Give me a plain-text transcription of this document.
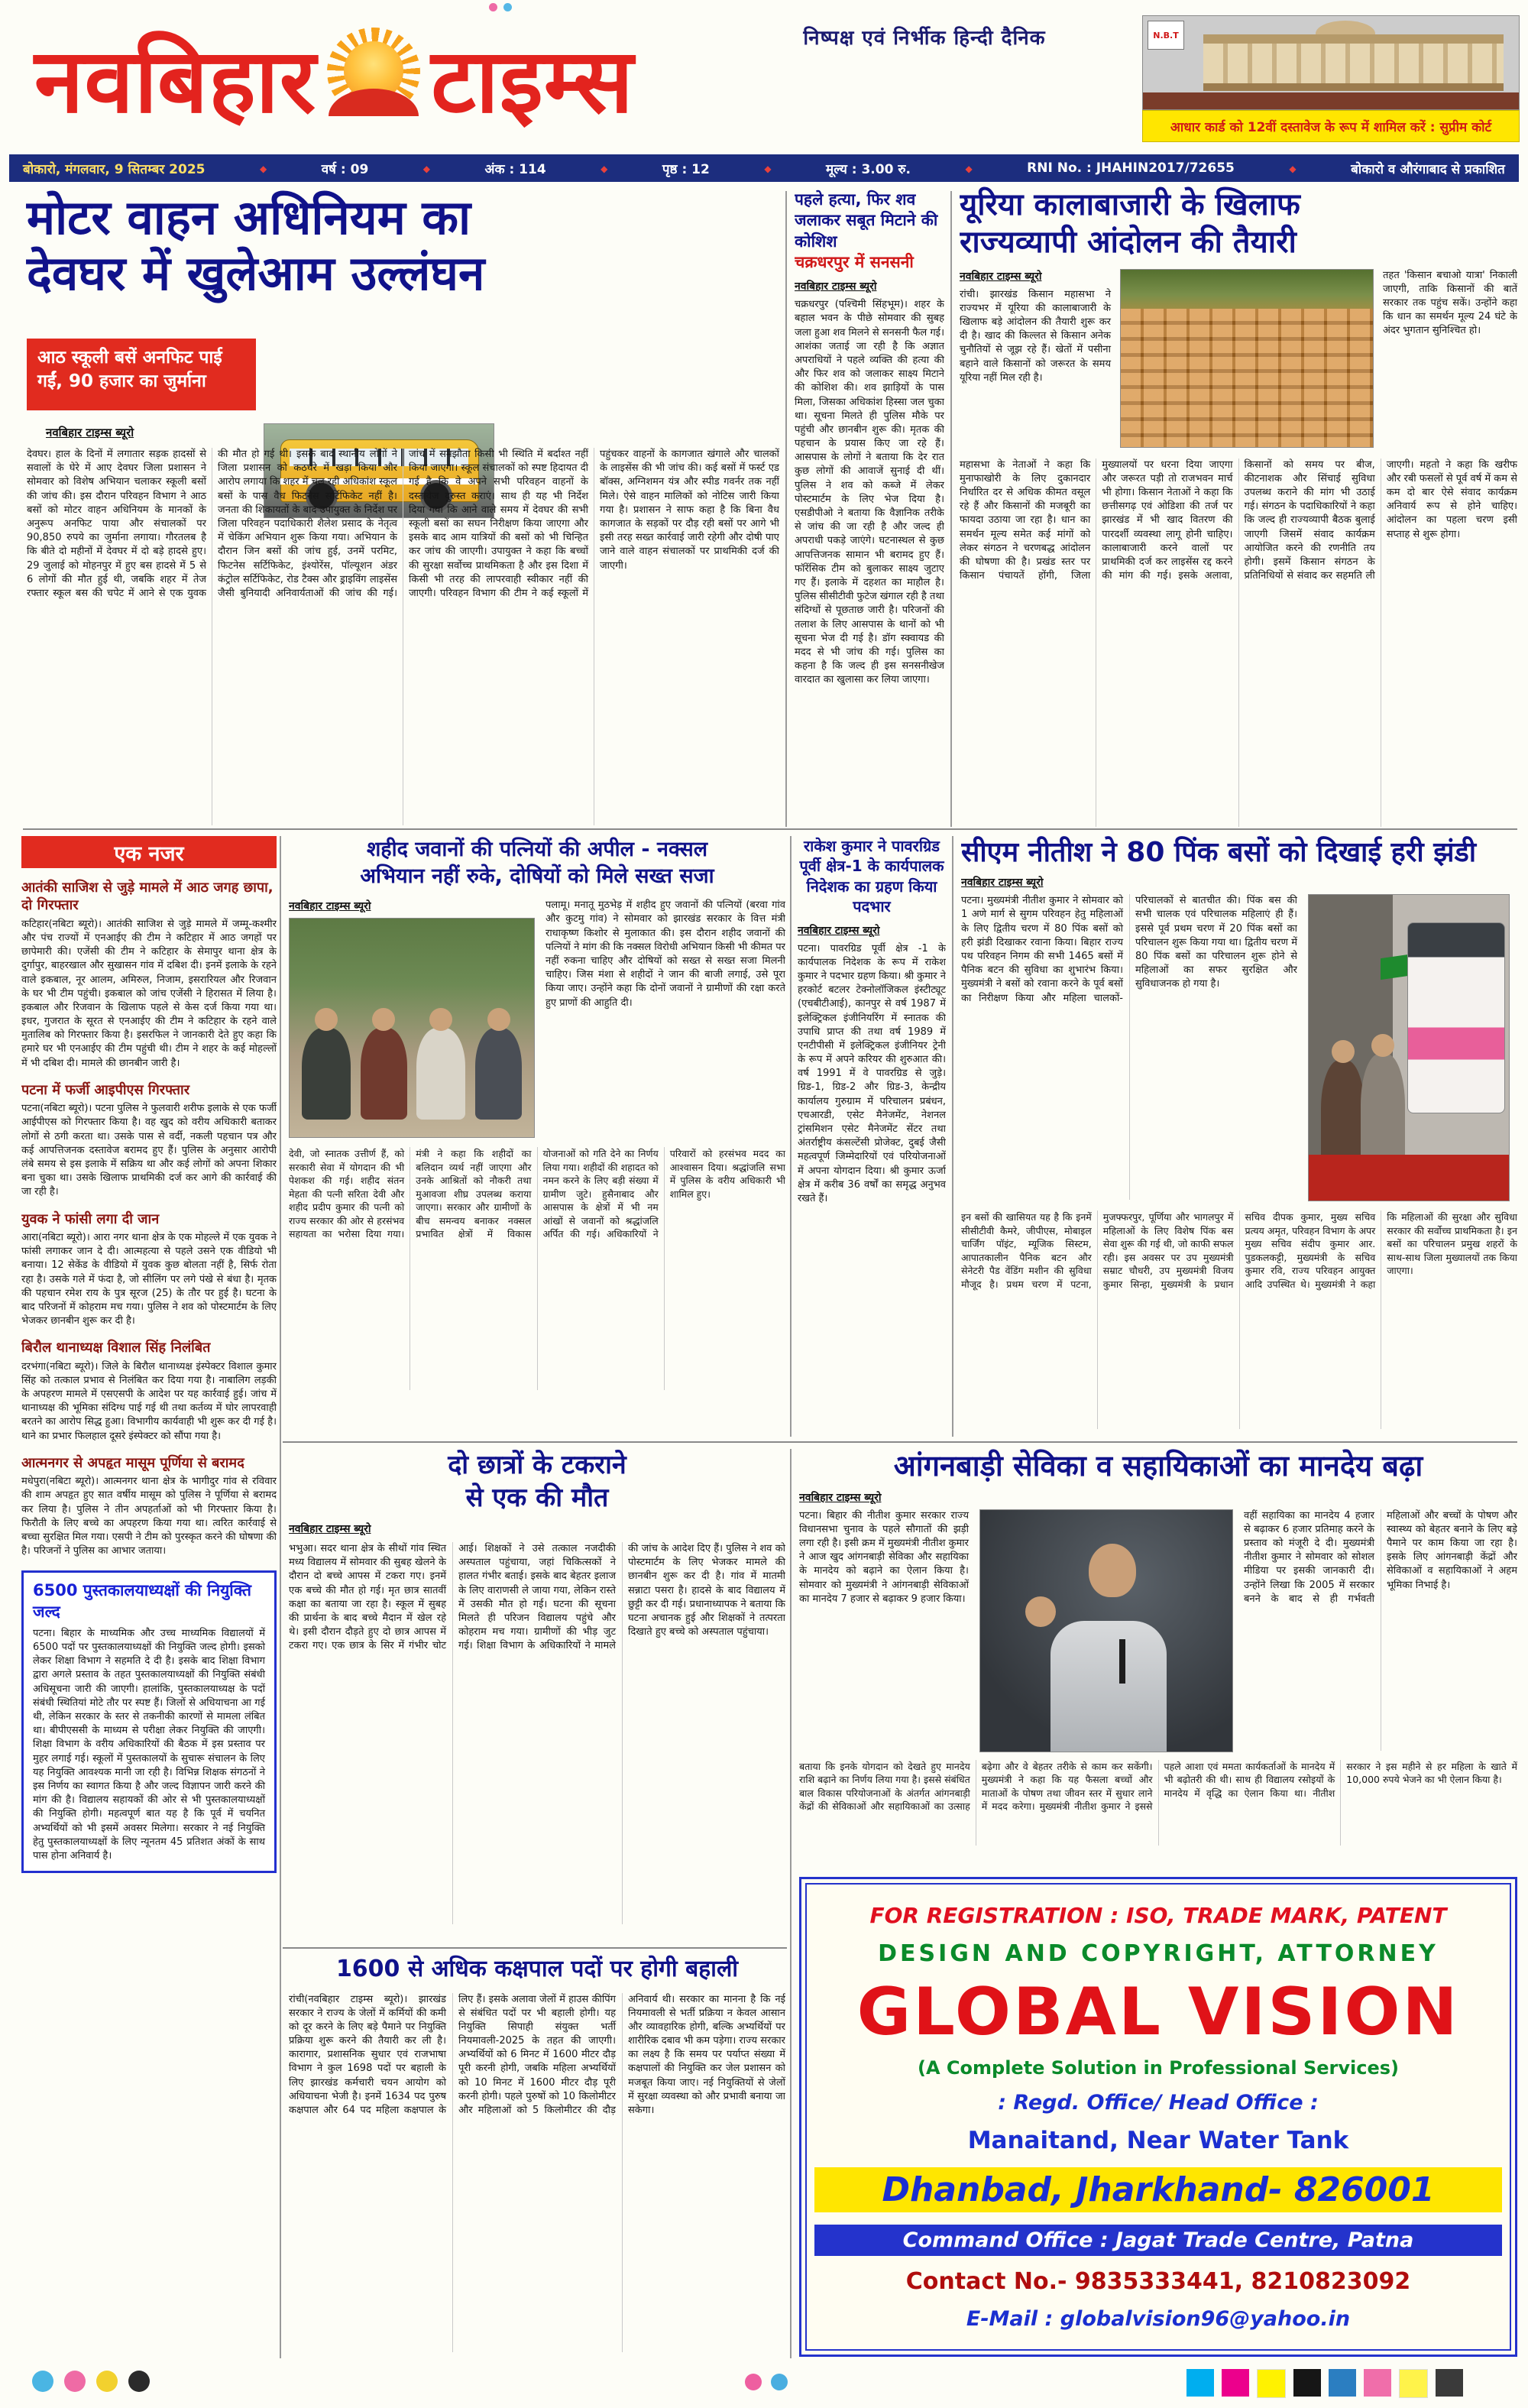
निष्पक्ष एवं निर्भीक हिन्दी दैनिक
नवबिहार टाइम्स	N.B.T
आधार कार्ड को 12वीं दस्तावेज के रूप में शामिल करें : सुप्रीम कोर्ट
बोकारो, मंगलवार, 9 सितम्बर 2025 ◆	वर्ष : 09 ◆	अंक : 114 ◆	पृष्ठ : 12 ◆	मूल्य : 3.00 रु. ◆	RNI No. : JHAHIN2017/72655 ◆	बोकारो व औरंगाबाद से प्रकाशित
मोटर वाहन अधिनियम का
देवघर में खुलेआम उल्लंघन
आठ स्कूली बसें अनफिट पाई गईं, 90 हजार का जुर्माना
नवबिहार टाइम्स ब्यूरो
देवघर। हाल के दिनों में लगातार सड़क हादसों से सवालों के घेरे में आए देवघर जिला प्रशासन ने सोमवार को विशेष अभियान चलाकर स्कूली बसों की जांच की। इस दौरान परिवहन विभाग ने आठ बसों को मोटर वाहन अधिनियम के मानकों के अनुरूप अनफिट पाया और संचालकों पर 90,850 रुपये का जुर्माना लगाया। गौरतलब है कि बीते दो महीनों में देवघर में दो बड़े हादसे हुए। 29 जुलाई को मोहनपुर में हुए बस हादसे में 5 से 6 लोगों की मौत हुई थी, जबकि शहर में तेज रफ्तार स्कूल बस की चपेट में आने से एक युवक की मौत हो गई थी। इसके बाद स्थानीय लोगों ने जिला प्रशासन को कठघरे में खड़ा किया और आरोप लगाया कि शहर में चल रही अधिकांश स्कूल बसों के पास वैध फिटनेस सर्टिफिकेट नहीं है। जनता की शिकायतों के बाद उपायुक्त के निर्देश पर जिला परिवहन पदाधिकारी शैलेश प्रसाद के नेतृत्व में चेकिंग अभियान शुरू किया गया। अभियान के दौरान जिन बसों की जांच हुई, उनमें परमिट, फिटनेस सर्टिफिकेट, इंश्योरेंस, पॉल्यूशन अंडर कंट्रोल सर्टिफिकेट, रोड टैक्स और ड्राइविंग लाइसेंस जैसी बुनियादी अनिवार्यताओं की जांच की गई। जांच में समझौता किसी भी स्थिति में बर्दाश्त नहीं किया जाएगा। स्कूल संचालकों को स्पष्ट हिदायत दी गई है कि वे अपने सभी परिवहन वाहनों के दस्तावेज दुरुस्त कराएं। साथ ही यह भी निर्देश दिया गया कि आने वाले समय में देवघर की सभी स्कूली बसों का सघन निरीक्षण किया जाएगा और इसके बाद आम यात्रियों की बसों को भी चिन्हित कर जांच की जाएगी। उपायुक्त ने कहा कि बच्चों की सुरक्षा सर्वोच्च प्राथमिकता है और इस दिशा में किसी भी तरह की लापरवाही स्वीकार नहीं की जाएगी। परिवहन विभाग की टीम ने कई स्कूलों में पहुंचकर वाहनों के कागजात खंगाले और चालकों के लाइसेंस की भी जांच की। कई बसों में फर्स्ट एड बॉक्स, अग्निशमन यंत्र और स्पीड गवर्नर तक नहीं मिले। ऐसे वाहन मालिकों को नोटिस जारी किया गया है। प्रशासन ने साफ कहा है कि बिना वैध कागजात के सड़कों पर दौड़ रही बसों पर आगे भी इसी तरह सख्त कार्रवाई जारी रहेगी और दोषी पाए जाने वाले वाहन संचालकों पर प्राथमिकी दर्ज की जाएगी।
पहले हत्या, फिर शव जलाकर सबूत मिटाने की कोशिश
चक्रधरपुर में सनसनी
नवबिहार टाइम्स ब्यूरो
चक्रधरपुर (पश्चिमी सिंहभूम)। शहर के बहाल भवन के पीछे सोमवार की सुबह जला हुआ शव मिलने से सनसनी फैल गई। आशंका जताई जा रही है कि अज्ञात अपराधियों ने पहले व्यक्ति की हत्या की और फिर शव को जलाकर साक्ष्य मिटाने की कोशिश की। शव झाड़ियों के पास मिला, जिसका अधिकांश हिस्सा जल चुका था। सूचना मिलते ही पुलिस मौके पर पहुंची और छानबीन शुरू की। मृतक की पहचान के प्रयास किए जा रहे हैं। आसपास के लोगों ने बताया कि देर रात कुछ लोगों की आवाजें सुनाई दी थीं। पुलिस ने शव को कब्जे में लेकर पोस्टमार्टम के लिए भेज दिया है। एसडीपीओ ने बताया कि वैज्ञानिक तरीके से जांच की जा रही है और जल्द ही अपराधी पकड़े जाएंगे। घटनास्थल से कुछ आपत्तिजनक सामान भी बरामद हुए हैं। फॉरेंसिक टीम को बुलाकर साक्ष्य जुटाए गए हैं। इलाके में दहशत का माहौल है। पुलिस सीसीटीवी फुटेज खंगाल रही है तथा संदिग्धों से पूछताछ जारी है। परिजनों की तलाश के लिए आसपास के थानों को भी सूचना भेज दी गई है। डॉग स्क्वायड की मदद से भी जांच की गई। पुलिस का कहना है कि जल्द ही इस सनसनीखेज वारदात का खुलासा कर लिया जाएगा।
यूरिया कालाबाजारी के खिलाफ
राज्यव्यापी आंदोलन की तैयारी
नवबिहार टाइम्स ब्यूरो
रांची। झारखंड किसान महासभा ने राज्यभर में यूरिया की कालाबाजारी के खिलाफ बड़े आंदोलन की तैयारी शुरू कर दी है। खाद की किल्लत से किसान अनेक चुनौतियों से जूझ रहे हैं। खेतों में पसीना बहाने वाले किसानों को जरूरत के समय यूरिया नहीं मिल रही है।
तहत 'किसान बचाओ यात्रा' निकाली जाएगी, ताकि किसानों की बातें सरकार तक पहुंच सकें। उन्होंने कहा कि धान का समर्थन मूल्य 24 घंटे के अंदर भुगतान सुनिश्चित हो।
महासभा के नेताओं ने कहा कि मुनाफाखोरी के लिए दुकानदार निर्धारित दर से अधिक कीमत वसूल रहे हैं और किसानों की मजबूरी का फायदा उठाया जा रहा है। धान का समर्थन मूल्य समेत कई मांगों को लेकर संगठन ने चरणबद्ध आंदोलन की घोषणा की है। प्रखंड स्तर पर किसान पंचायतें होंगी, जिला मुख्यालयों पर धरना दिया जाएगा और जरूरत पड़ी तो राजभवन मार्च भी होगा। किसान नेताओं ने कहा कि छत्तीसगढ़ एवं ओडिशा की तर्ज पर झारखंड में भी खाद वितरण की पारदर्शी व्यवस्था लागू होनी चाहिए। कालाबाजारी करने वालों पर प्राथमिकी दर्ज कर लाइसेंस रद्द करने की मांग की गई। इसके अलावा, किसानों को समय पर बीज, कीटनाशक और सिंचाई सुविधा उपलब्ध कराने की मांग भी उठाई गई। संगठन के पदाधिकारियों ने कहा कि जल्द ही राज्यव्यापी बैठक बुलाई जाएगी जिसमें संवाद कार्यक्रम आयोजित करने की रणनीति तय होगी। इसमें किसान संगठन के प्रतिनिधियों से संवाद कर सहमति ली जाएगी। महतो ने कहा कि खरीफ और रबी फसलों से पूर्व वर्ष में कम से कम दो बार ऐसे संवाद कार्यक्रम अनिवार्य रूप से होने चाहिए। आंदोलन का पहला चरण इसी सप्ताह से शुरू होगा।
एक नजर
आतंकी साजिश से जुड़े मामले में आठ जगह छापा, दो गिरफ्तार
कटिहार(नबिटा ब्यूरो)। आतंकी साजिश से जुड़े मामले में जम्मू-कश्मीर और पंच राज्यों में एनआईए की टीम ने कटिहार में आठ जगहों पर छापेमारी की। एजेंसी की टीम ने कटिहार के सेमापुर थाना क्षेत्र के दुर्गापुर, बाहरखाल और सुखासन गांव में दबिश दी। इनमें इलाके के रहने वाले इकबाल, नूर आलम, अमिरुल, निजाम, इसरारियल और रिजवान के घर भी टीम पहुंची। इकबाल को जांच एजेंसी ने हिरासत में लिया है। इकबाल और रिजवान के खिलाफ पहले से केस दर्ज किया गया था। इधर, गुजरात के सूरत से एनआईए की टीम ने कटिहार के रहने वाले मुतालिब को गिरफ्तार किया है। इसरफिल ने जानकारी देते हुए कहा कि हमारे घर भी एनआईए की टीम पहुंची थी। टीम ने शहर के कई मोहल्लों में भी दबिश दी। मामले की छानबीन जारी है।
पटना में फर्जी आइपीएस गिरफ्तार
पटना(नबिटा ब्यूरो)। पटना पुलिस ने फुलवारी शरीफ इलाके से एक फर्जी आईपीएस को गिरफ्तार किया है। वह खुद को वरीय अधिकारी बताकर लोगों से ठगी करता था। उसके पास से वर्दी, नकली पहचान पत्र और कई आपत्तिजनक दस्तावेज बरामद हुए हैं। पुलिस के अनुसार आरोपी लंबे समय से इस इलाके में सक्रिय था और कई लोगों को अपना शिकार बना चुका था। उसके खिलाफ प्राथमिकी दर्ज कर आगे की कार्रवाई की जा रही है।
युवक ने फांसी लगा दी जान
आरा(नबिटा ब्यूरो)। आरा नगर थाना क्षेत्र के एक मोहल्ले में एक युवक ने फांसी लगाकर जान दे दी। आत्महत्या से पहले उसने एक वीडियो भी बनाया। 12 सेकेंड के वीडियो में युवक कुछ बोलता नहीं है, सिर्फ रोता रहा है। उसके गले में फंदा है, जो सीलिंग पर लगे पंखे से बंधा है। मृतक की पहचान रमेश राय के पुत्र सूरज (25) के तौर पर हुई है। घटना के बाद परिजनों में कोहराम मच गया। पुलिस ने शव को पोस्टमार्टम के लिए भेजकर छानबीन शुरू कर दी है।
बिरौल थानाध्यक्ष विशाल सिंह निलंबित
दरभंगा(नबिटा ब्यूरो)। जिले के बिरौल थानाध्यक्ष इंस्पेक्टर विशाल कुमार सिंह को तत्काल प्रभाव से निलंबित कर दिया गया है। नाबालिग लड़की के अपहरण मामले में एसएसपी के आदेश पर यह कार्रवाई हुई। जांच में थानाध्यक्ष की भूमिका संदिग्ध पाई गई थी तथा कर्तव्य में घोर लापरवाही बरतने का आरोप सिद्ध हुआ। विभागीय कार्यवाही भी शुरू कर दी गई है। थाने का प्रभार फिलहाल दूसरे इंस्पेक्टर को सौंपा गया है।
आत्मनगर से अपहृत मासूम पूर्णिया से बरामद
मधेपुरा(नबिटा ब्यूरो)। आत्मनगर थाना क्षेत्र के भागीदुर गांव से रविवार की शाम अपहृत हुए सात वर्षीय मासूम को पुलिस ने पूर्णिया से बरामद कर लिया है। पुलिस ने तीन अपहर्ताओं को भी गिरफ्तार किया है। फिरौती के लिए बच्चे का अपहरण किया गया था। त्वरित कार्रवाई से बच्चा सुरक्षित मिल गया। एसपी ने टीम को पुरस्कृत करने की घोषणा की है। परिजनों ने पुलिस का आभार जताया।
6500 पुस्तकालयाध्यक्षों की नियुक्ति जल्द
पटना। बिहार के माध्यमिक और उच्च माध्यमिक विद्यालयों में 6500 पदों पर पुस्तकालयाध्यक्षों की नियुक्ति जल्द होगी। इसको लेकर शिक्षा विभाग ने सहमति दे दी है। इसके बाद शिक्षा विभाग द्वारा अगले प्रस्ताव के तहत पुस्तकालयाध्यक्षों की नियुक्ति संबंधी अधिसूचना जारी की जाएगी। हालांकि, पुस्तकालयाध्यक्ष के पदों संबंधी स्थितियां मोटे तौर पर स्पष्ट हैं। जिलों से अधियाचना आ गई थी, लेकिन सरकार के स्तर से तकनीकी कारणों से मामला लंबित था। बीपीएससी के माध्यम से परीक्षा लेकर नियुक्ति की जाएगी। शिक्षा विभाग के वरीय अधिकारियों की बैठक में इस प्रस्ताव पर मुहर लगाई गई। स्कूलों में पुस्तकालयों के सुचारू संचालन के लिए यह नियुक्ति आवश्यक मानी जा रही है। विभिन्न शिक्षक संगठनों ने इस निर्णय का स्वागत किया है और जल्द विज्ञापन जारी करने की मांग की है। विद्यालय सहायकों की ओर से भी पुस्तकालयाध्यक्षों की नियुक्ति होगी। महत्वपूर्ण बात यह है कि पूर्व में चयनित अभ्यर्थियों को भी इसमें अवसर मिलेगा। सरकार ने नई नियुक्ति हेतु पुस्तकालयाध्यक्षों के लिए न्यूनतम 45 प्रतिशत अंकों के साथ पास होना अनिवार्य है।
शहीद जवानों की पत्नियों की अपील - नक्सल
अभियान नहीं रुके, दोषियों को मिले सख्त सजा
नवबिहार टाइम्स ब्यूरो	पलामू। मनातू मुठभेड़ में शहीद हुए जवानों की पत्नियों (बरवा गांव और कुटमु गांव) ने सोमवार को झारखंड सरकार के वित्त मंत्री राधाकृष्ण किशोर से मुलाकात की। इस दौरान शहीद जवानों की पत्नियों ने मांग की कि नक्सल विरोधी अभियान किसी भी कीमत पर नहीं रुकना चाहिए और दोषियों को सख्त से सख्त सजा मिलनी चाहिए। जिस मंशा से शहीदों ने जान की बाजी लगाई, उसे पूरा किया जाए। उन्होंने कहा कि दोनों जवानों ने ग्रामीणों की रक्षा करते हुए प्राणों की आहुति दी।
देवी, जो स्नातक उत्तीर्ण हैं, को सरकारी सेवा में योगदान की भी पेशकश की गई। शहीद संतन मेहता की पत्नी सरिता देवी और शहीद प्रदीप कुमार की पत्नी को राज्य सरकार की ओर से हरसंभव सहायता का भरोसा दिया गया। मंत्री ने कहा कि शहीदों का बलिदान व्यर्थ नहीं जाएगा और उनके आश्रितों को नौकरी तथा मुआवजा शीघ्र उपलब्ध कराया जाएगा। सरकार और ग्रामीणों के बीच समन्वय बनाकर नक्सल प्रभावित क्षेत्रों में विकास योजनाओं को गति देने का निर्णय लिया गया। शहीदों की शहादत को नमन करने के लिए बड़ी संख्या में ग्रामीण जुटे। हुसैनाबाद और आसपास के क्षेत्रों में भी नम आंखों से जवानों को श्रद्धांजलि अर्पित की गई। अधिकारियों ने परिवारों को हरसंभव मदद का आश्वासन दिया। श्रद्धांजलि सभा में पुलिस के वरीय अधिकारी भी शामिल हुए।
राकेश कुमार ने पावरग्रिड पूर्वी क्षेत्र-1 के कार्यपालक निदेशक का ग्रहण किया पदभार
नवबिहार टाइम्स ब्यूरो
पटना। पावरग्रिड पूर्वी क्षेत्र -1 के कार्यपालक निदेशक के रूप में राकेश कुमार ने पदभार ग्रहण किया। श्री कुमार ने हरकोर्ट बटलर टेक्नोलॉजिकल इंस्टीट्यूट (एचबीटीआई), कानपुर से वर्ष 1987 में इलेक्ट्रिकल इंजीनियरिंग में स्नातक की उपाधि प्राप्त की तथा वर्ष 1989 में एनटीपीसी में इलेक्ट्रिकल इंजीनियर ट्रेनी के रूप में अपने करियर की शुरुआत की। वर्ष 1991 में वे पावरग्रिड से जुड़े। ग्रिड-1, ग्रिड-2 और ग्रिड-3, केन्द्रीय कार्यालय गुरुग्राम में परिचालन प्रबंधन, एचआरडी, एसेट मैनेजमेंट, नेशनल ट्रांसमिशन एसेट मैनेजमेंट सेंटर तथा अंतर्राष्ट्रीय कंसल्टेंसी प्रोजेक्ट, दुबई जैसी महत्वपूर्ण जिम्मेदारियों एवं परियोजनाओं में अपना योगदान दिया। श्री कुमार ऊर्जा क्षेत्र में करीब 36 वर्षों का समृद्ध अनुभव रखते हैं।
सीएम नीतीश ने 80 पिंक बसों को दिखाई हरी झंडी
नवबिहार टाइम्स ब्यूरो
पटना। मुख्यमंत्री नीतीश कुमार ने सोमवार को 1 अणे मार्ग से सुगम परिवहन हेतु महिलाओं के लिए द्वितीय चरण में 80 पिंक बसों को हरी झंडी दिखाकर रवाना किया। बिहार राज्य पथ परिवहन निगम की सभी 1465 बसों में पैनिक बटन की सुविधा का शुभारंभ किया। मुख्यमंत्री ने बसों को रवाना करने के पूर्व बसों का निरीक्षण किया और महिला चालकों-परिचालकों से बातचीत की। पिंक बस की सभी चालक एवं परिचालक महिलाएं ही हैं। इससे पूर्व प्रथम चरण में 20 पिंक बसों का परिचालन शुरू किया गया था। द्वितीय चरण में 80 पिंक बसों का परिचालन शुरू होने से महिलाओं का सफर सुरक्षित और सुविधाजनक हो गया है।
इन बसों की खासियत यह है कि इनमें सीसीटीवी कैमरे, जीपीएस, मोबाइल चार्जिंग पॉइंट, म्यूजिक सिस्टम, आपातकालीन पैनिक बटन और सेनेटरी पैड वेंडिंग मशीन की सुविधा मौजूद है। प्रथम चरण में पटना, मुजफ्फरपुर, पूर्णिया और भागलपुर में महिलाओं के लिए विशेष पिंक बस सेवा शुरू की गई थी, जो काफी सफल रही। इस अवसर पर उप मुख्यमंत्री सम्राट चौधरी, उप मुख्यमंत्री विजय कुमार सिन्हा, मुख्यमंत्री के प्रधान सचिव दीपक कुमार, मुख्य सचिव प्रत्यय अमृत, परिवहन विभाग के अपर मुख्य सचिव संदीप कुमार आर. पुडकलकट्टी, मुख्यमंत्री के सचिव कुमार रवि, राज्य परिवहन आयुक्त आदि उपस्थित थे। मुख्यमंत्री ने कहा कि महिलाओं की सुरक्षा और सुविधा सरकार की सर्वोच्च प्राथमिकता है। इन बसों का परिचालन प्रमुख शहरों के साथ-साथ जिला मुख्यालयों तक किया जाएगा।
दो छात्रों के टकराने
से एक की मौत
नवबिहार टाइम्स ब्यूरो
भभुआ। सदर थाना क्षेत्र के सीथों गांव स्थित मध्य विद्यालय में सोमवार की सुबह खेलने के दौरान दो बच्चे आपस में टकरा गए। इनमें एक बच्चे की मौत हो गई। मृत छात्र सातवीं कक्षा का बताया जा रहा है। स्कूल में सुबह की प्रार्थना के बाद बच्चे मैदान में खेल रहे थे। इसी दौरान दौड़ते हुए दो छात्र आपस में टकरा गए। एक छात्र के सिर में गंभीर चोट आई। शिक्षकों ने उसे तत्काल नजदीकी अस्पताल पहुंचाया, जहां चिकित्सकों ने हालत गंभीर बताई। इसके बाद बेहतर इलाज के लिए वाराणसी ले जाया गया, लेकिन रास्ते में उसकी मौत हो गई। घटना की सूचना मिलते ही परिजन विद्यालय पहुंचे और कोहराम मच गया। ग्रामीणों की भीड़ जुट गई। शिक्षा विभाग के अधिकारियों ने मामले की जांच के आदेश दिए हैं। पुलिस ने शव को पोस्टमार्टम के लिए भेजकर मामले की छानबीन शुरू कर दी है। गांव में मातमी सन्नाटा पसरा है। हादसे के बाद विद्यालय में छुट्टी कर दी गई। प्रधानाध्यापक ने बताया कि घटना अचानक हुई और शिक्षकों ने तत्परता दिखाते हुए बच्चे को अस्पताल पहुंचाया।
आंगनबाड़ी सेविका व सहायिकाओं का मानदेय बढ़ा
नवबिहार टाइम्स ब्यूरो
पटना। बिहार की नीतीश कुमार सरकार राज्य विधानसभा चुनाव के पहले सौगातों की झड़ी लगा रही है। इसी क्रम में मुख्यमंत्री नीतीश कुमार ने आज खुद आंगनबाड़ी सेविका और सहायिका के मानदेय को बढ़ाने का ऐलान किया है। सोमवार को मुख्यमंत्री ने आंगनबाड़ी सेविकाओं का मानदेय 7 हजार से बढ़ाकर 9 हजार किया।
वहीं सहायिका का मानदेय 4 हजार से बढ़ाकर 6 हजार प्रतिमाह करने के प्रस्ताव को मंजूरी दे दी। मुख्यमंत्री नीतीश कुमार ने सोमवार को सोशल मीडिया पर इसकी जानकारी दी। उन्होंने लिखा कि 2005 में सरकार बनने के बाद से ही गर्भवती महिलाओं और बच्चों के पोषण और स्वास्थ्य को बेहतर बनाने के लिए बड़े पैमाने पर काम किया जा रहा है। इसके लिए आंगनबाड़ी केंद्रों और सेविकाओं व सहायिकाओं ने अहम भूमिका निभाई है।
बताया कि इनके योगदान को देखते हुए मानदेय राशि बढ़ाने का निर्णय लिया गया है। इससे संबंधित बाल विकास परियोजनाओं के अंतर्गत आंगनबाड़ी केंद्रों की सेविकाओं और सहायिकाओं का उत्साह बढ़ेगा और वे बेहतर तरीके से काम कर सकेंगी। मुख्यमंत्री ने कहा कि यह फैसला बच्चों और माताओं के पोषण तथा जीवन स्तर में सुधार लाने में मदद करेगा। मुख्यमंत्री नीतीश कुमार ने इससे पहले आशा एवं ममता कार्यकर्ताओं के मानदेय में भी बढ़ोतरी की थी। साथ ही विद्यालय रसोइयों के मानदेय में वृद्धि का ऐलान किया था। नीतीश सरकार ने इस महीने से हर महिला के खाते में 10,000 रुपये भेजने का भी ऐलान किया है।
1600 से अधिक कक्षपाल पदों पर होगी बहाली
रांची(नवबिहार टाइम्स ब्यूरो)। झारखंड सरकार ने राज्य के जेलों में कर्मियों की कमी को दूर करने के लिए बड़े पैमाने पर नियुक्ति प्रक्रिया शुरू करने की तैयारी कर ली है। कारागार, प्रशासनिक सुधार एवं राजभाषा विभाग ने कुल 1698 पदों पर बहाली के लिए झारखंड कर्मचारी चयन आयोग को अधियाचना भेजी है। इनमें 1634 पद पुरुष कक्षपाल और 64 पद महिला कक्षपाल के लिए हैं। इसके अलावा जेलों में हाउस कीपिंग से संबंधित पदों पर भी बहाली होगी। यह नियुक्ति सिपाही संयुक्त भर्ती नियमावली-2025 के तहत की जाएगी। अभ्यर्थियों को 6 मिनट में 1600 मीटर दौड़ पूरी करनी होगी, जबकि महिला अभ्यर्थियों को 10 मिनट में 1600 मीटर दौड़ पूरी करनी होगी। पहले पुरुषों को 10 किलोमीटर और महिलाओं को 5 किलोमीटर की दौड़ अनिवार्य थी। सरकार का मानना है कि नई नियमावली से भर्ती प्रक्रिया न केवल आसान और व्यावहारिक होगी, बल्कि अभ्यर्थियों पर शारीरिक दबाव भी कम पड़ेगा। राज्य सरकार का लक्ष्य है कि समय पर पर्याप्त संख्या में कक्षपालों की नियुक्ति कर जेल प्रशासन को मजबूत किया जाए। नई नियुक्तियों से जेलों में सुरक्षा व्यवस्था को और प्रभावी बनाया जा सकेगा।
FOR REGISTRATION : ISO, TRADE MARK, PATENT
DESIGN AND COPYRIGHT, ATTORNEY
GLOBAL VISION
(A Complete Solution in Professional Services)
: Regd. Office/ Head Office :
Manaitand, Near Water Tank
Dhanbad, Jharkhand- 826001
Command Office : Jagat Trade Centre, Patna
Contact No.- 9835333441, 8210823092
E-Mail : globalvision96@yahoo.in
